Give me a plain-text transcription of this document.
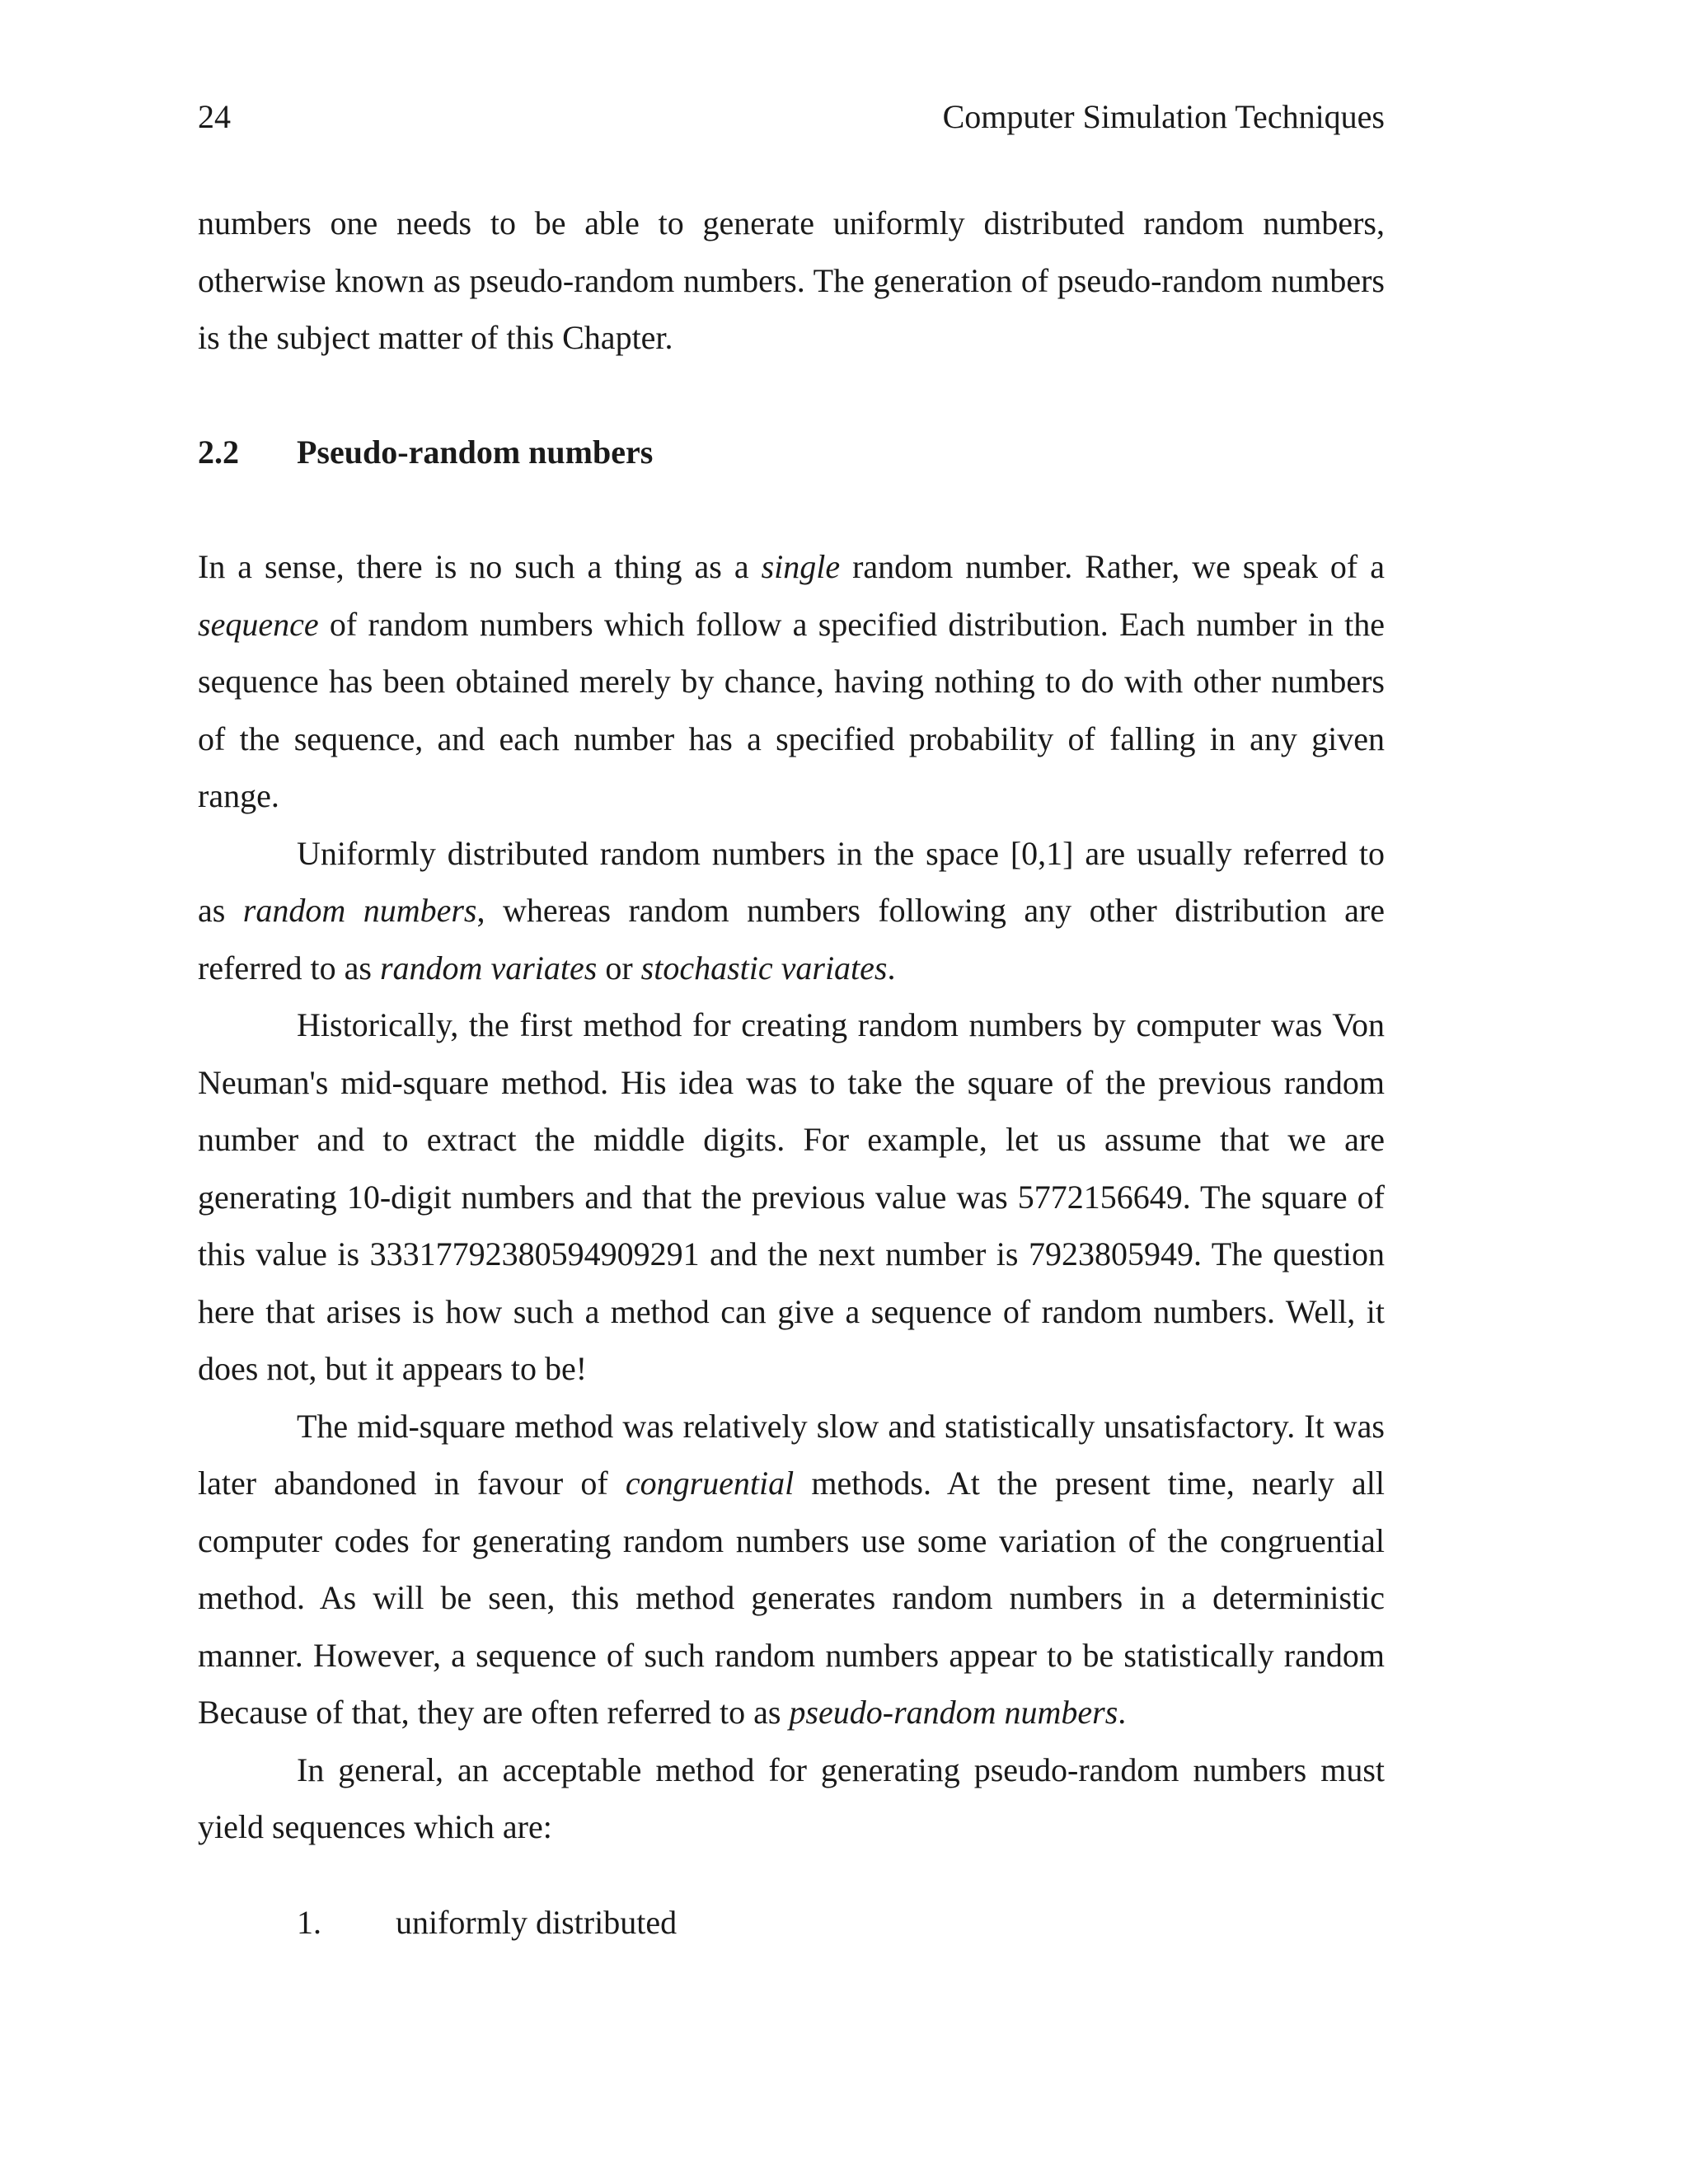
24	Computer Simulation Techniques

numbers one needs to be able to generate uniformly distributed random numbers, otherwise known as pseudo-random numbers. The generation of pseudo-random numbers is the subject matter of this Chapter.

2.2	Pseudo-random numbers

In a sense, there is no such a thing as a single random number. Rather, we speak of a sequence of random numbers which follow a specified distribution. Each number in the sequence has been obtained merely by chance, having nothing to do with other numbers of the sequence, and each number has a specified probability of falling in any given range.

Uniformly distributed random numbers in the space [0,1] are usually referred to as random numbers, whereas random numbers following any other distribution are referred to as random variates or stochastic variates.

Historically, the first method for creating random numbers by computer was Von Neuman's mid-square method. His idea was to take the square of the previous random number and to extract the middle digits. For example, let us assume that we are generating 10-digit numbers and that the previous value was 5772156649. The square of this value is 33317792380594909291 and the next number is 7923805949. The question here that arises is how such a method can give a sequence of random numbers. Well, it does not, but it appears to be!

The mid-square method was relatively slow and statistically unsatisfactory. It was later abandoned in favour of congruential methods. At the present time, nearly all computer codes for generating random numbers use some variation of the congruential method. As will be seen, this method generates random numbers in a deterministic manner. However, a sequence of such random numbers appear to be statistically random Because of that, they are often referred to as pseudo-random numbers.

In general, an acceptable method for generating pseudo-random numbers must yield sequences which are:

1.	uniformly distributed
